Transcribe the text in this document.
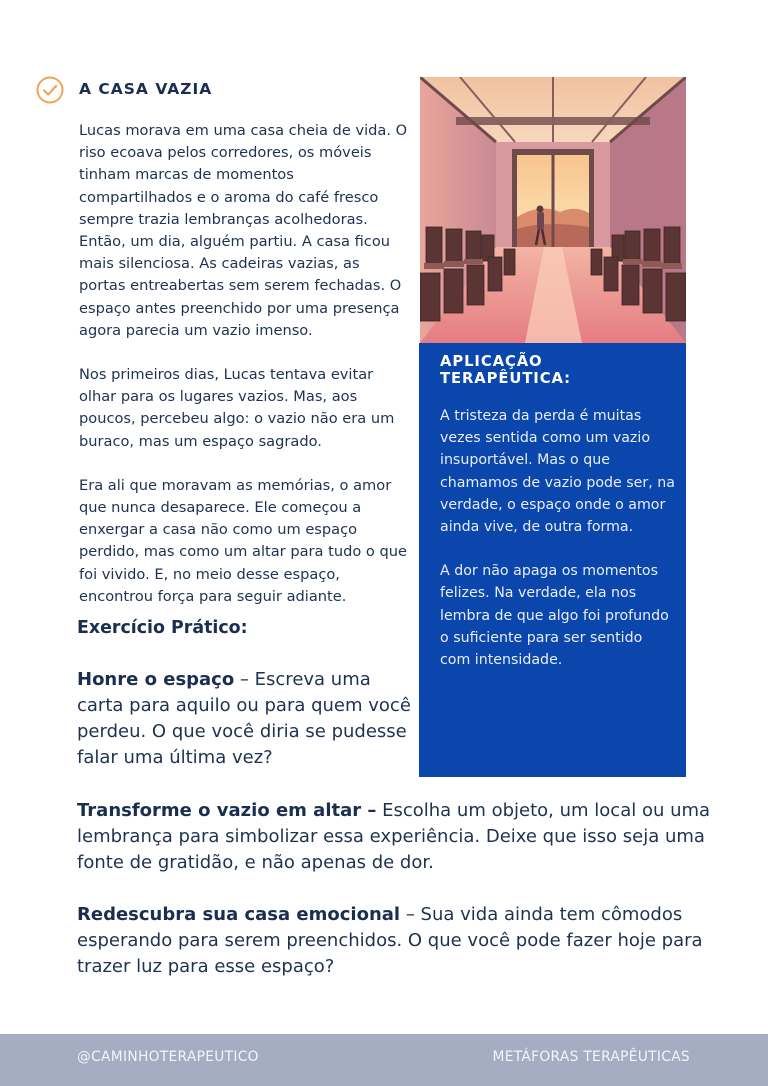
A CASA VAZIA

Lucas morava em uma casa cheia de vida. O riso ecoava pelos corredores, os móveis tinham marcas de momentos compartilhados e o aroma do café fresco sempre trazia lembranças acolhedoras. Então, um dia, alguém partiu. A casa ficou mais silenciosa. As cadeiras vazias, as portas entreabertas sem serem fechadas. O espaço antes preenchido por uma presença agora parecia um vazio imenso.

Nos primeiros dias, Lucas tentava evitar olhar para os lugares vazios. Mas, aos poucos, percebeu algo: o vazio não era um buraco, mas um espaço sagrado.

Era ali que moravam as memórias, o amor que nunca desaparece. Ele começou a enxergar a casa não como um espaço perdido, mas como um altar para tudo o que foi vivido. E, no meio desse espaço, encontrou força para seguir adiante.

APLICAÇÃO TERAPÊUTICA:

A tristeza da perda é muitas vezes sentida como um vazio insuportável. Mas o que chamamos de vazio pode ser, na verdade, o espaço onde o amor ainda vive, de outra forma.

A dor não apaga os momentos felizes. Na verdade, ela nos lembra de que algo foi profundo o suficiente para ser sentido com intensidade.

Exercício Prático:

Honre o espaço – Escreva uma carta para aquilo ou para quem você perdeu. O que você diria se pudesse falar uma última vez?

Transforme o vazio em altar – Escolha um objeto, um local ou uma lembrança para simbolizar essa experiência. Deixe que isso seja uma fonte de gratidão, e não apenas de dor.

Redescubra sua casa emocional – Sua vida ainda tem cômodos esperando para serem preenchidos. O que você pode fazer hoje para trazer luz para esse espaço?

@CAMINHOTERAPEUTICO	METÁFORAS TERAPÊUTICAS
